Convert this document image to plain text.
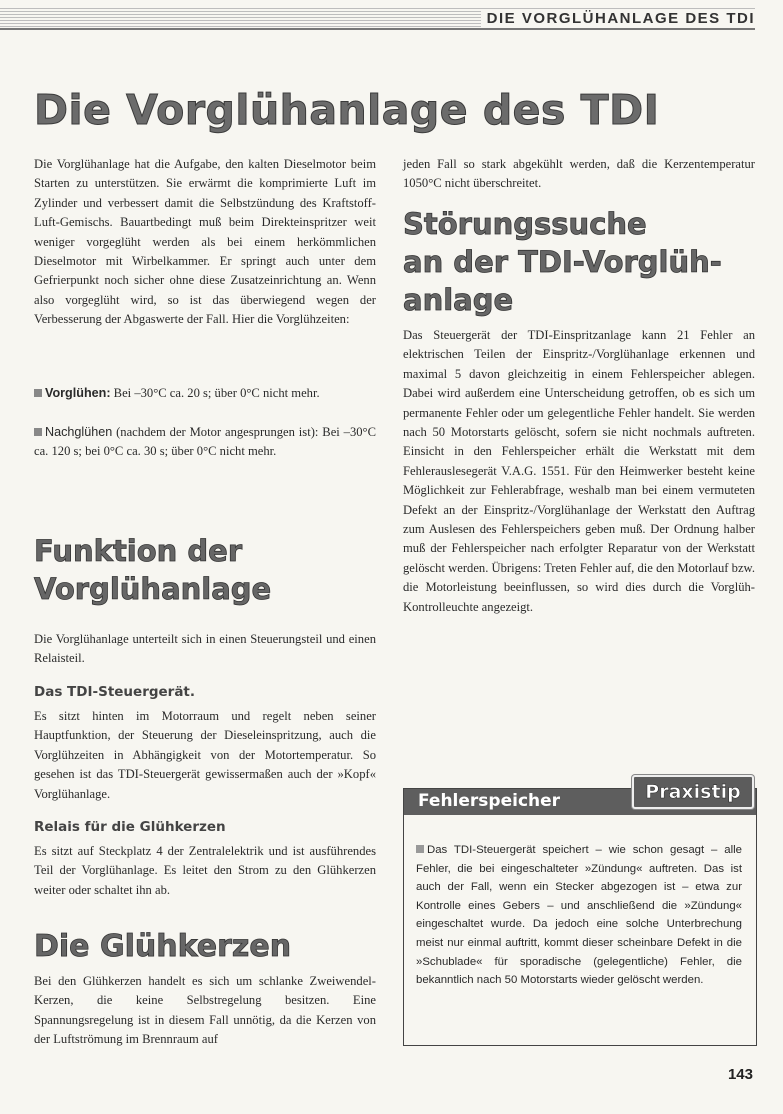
DIE VORGLÜHANLAGE DES TDI
Die Vorglühanlage des TDI
Die Vorglühanlage hat die Aufgabe, den kalten Dieselmotor beim Starten zu unterstützen. Sie erwärmt die komprimierte Luft im Zylinder und verbessert damit die Selbstzündung des Kraftstoff-Luft-Gemischs. Bauartbedingt muß beim Direkteinspritzer weit weniger vorgeglüht werden als bei einem herkömmlichen Dieselmotor mit Wirbelkammer. Er springt auch unter dem Gefrierpunkt noch sicher ohne diese Zusatzeinrichtung an. Wenn also vorgeglüht wird, so ist das überwiegend wegen der Verbesserung der Abgaswerte der Fall. Hier die Vorglühzeiten:
Vorglühen: Bei –30°C ca. 20 s; über 0°C nicht mehr.
Nachglühen (nachdem der Motor angesprungen ist): Bei –30°C ca. 120 s; bei 0°C ca. 30 s; über 0°C nicht mehr.
Funktion der
Vorglühanlage
Die Vorglühanlage unterteilt sich in einen Steuerungsteil und einen Relaisteil.
Das TDI-Steuergerät.
Es sitzt hinten im Motorraum und regelt neben seiner Hauptfunktion, der Steuerung der Dieseleinspritzung, auch die Vorglühzeiten in Abhängigkeit von der Motortemperatur. So gesehen ist das TDI-Steuergerät gewissermaßen auch der »Kopf« Vorglühanlage.
Relais für die Glühkerzen
Es sitzt auf Steckplatz 4 der Zentralelektrik und ist ausführendes Teil der Vorglühanlage. Es leitet den Strom zu den Glühkerzen weiter oder schaltet ihn ab.
Die Glühkerzen
Bei den Glühkerzen handelt es sich um schlanke Zweiwendel-Kerzen, die keine Selbstregelung besitzen. Eine Spannungsregelung ist in diesem Fall unnötig, da die Kerzen von der Luftströmung im Brennraum auf
jeden Fall so stark abgekühlt werden, daß die Kerzentemperatur 1050°C nicht überschreitet.
Störungssuche
an der TDI-Vorglüh-
anlage
Das Steuergerät der TDI-Einspritzanlage kann 21 Fehler an elektrischen Teilen der Einspritz-/Vorglühanlage erkennen und maximal 5 davon gleichzeitig in einem Fehlerspeicher ablegen. Dabei wird außerdem eine Unterscheidung getroffen, ob es sich um permanente Fehler oder um gelegentliche Fehler handelt. Sie werden nach 50 Motorstarts gelöscht, sofern sie nicht nochmals auftreten. Einsicht in den Fehlerspeicher erhält die Werkstatt mit dem Fehlerauslesegerät V.A.G. 1551. Für den Heimwerker besteht keine Möglichkeit zur Fehlerabfrage, weshalb man bei einem vermuteten Defekt an der Einspritz-/Vorglühanlage der Werkstatt den Auftrag zum Auslesen des Fehlerspeichers geben muß. Der Ordnung halber muß der Fehlerspeicher nach erfolgter Reparatur von der Werkstatt gelöscht werden. Übrigens: Treten Fehler auf, die den Motorlauf bzw. die Motorleistung beeinflussen, so wird dies durch die Vorglüh-Kontrolleuchte angezeigt.
Fehlerspeicher
Das TDI-Steuergerät speichert – wie schon gesagt – alle Fehler, die bei eingeschalteter »Zündung« auftreten. Das ist auch der Fall, wenn ein Stecker abgezogen ist – etwa zur Kontrolle eines Gebers – und anschließend die »Zündung« eingeschaltet wurde. Da jedoch eine solche Unterbrechung meist nur einmal auftritt, kommt dieser scheinbare Defekt in die »Schublade« für sporadische (gelegentliche) Fehler, die bekanntlich nach 50 Motorstarts wieder gelöscht werden.
Praxistip
143
